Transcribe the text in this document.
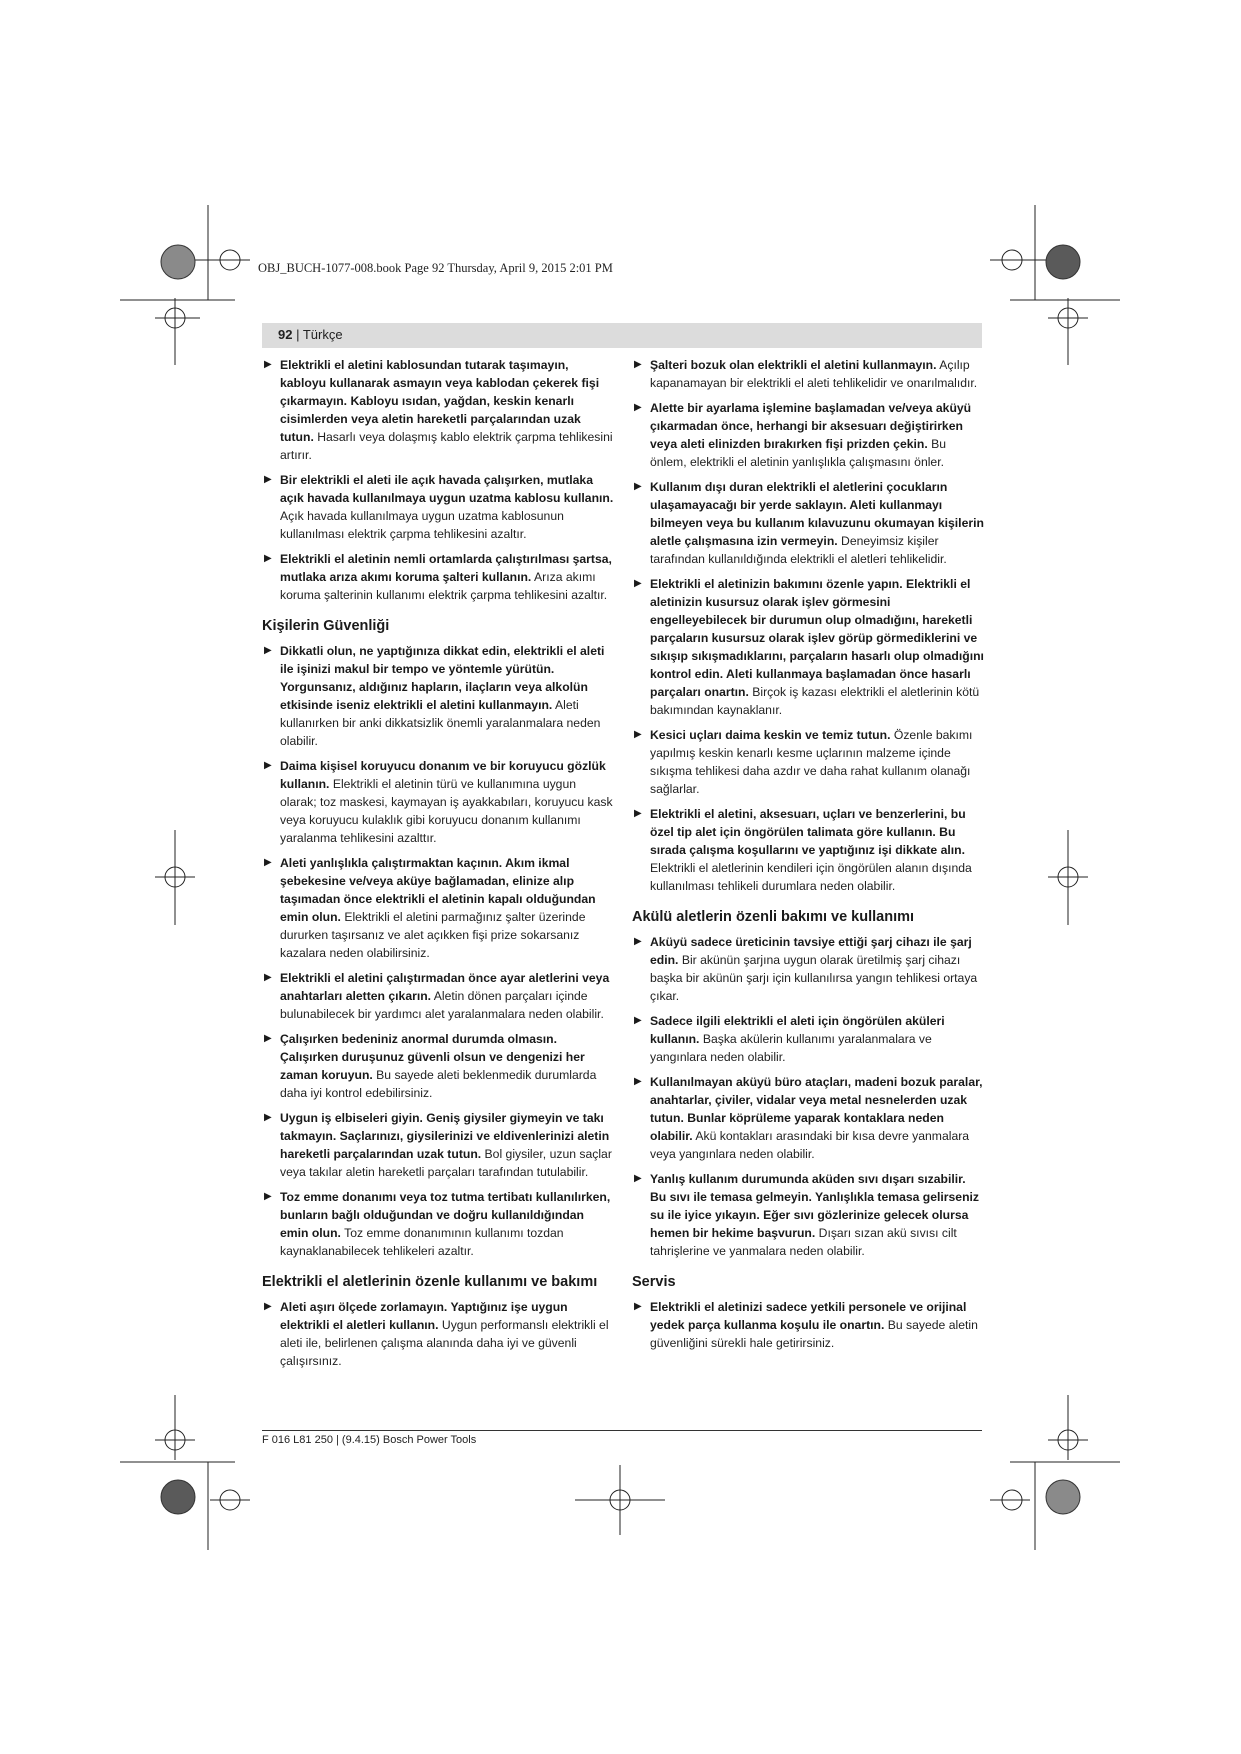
OBJ_BUCH-1077-008.book Page 92 Thursday, April 9, 2015 2:01 PM
92 | Türkçe
▶ Elektrikli el aletini kablosundan tutarak taşımayın, kabloyu kullanarak asmayın veya kablodan çekerek fişi çıkarmayın. Kabloyu ısıdan, yağdan, keskin kenarlı cisimlerden veya aletin hareketli parçalarından uzak tutun. Hasarlı veya dolaşmış kablo elektrik çarpma tehlikesini artırır.
▶ Bir elektrikli el aleti ile açık havada çalışırken, mutlaka açık havada kullanılmaya uygun uzatma kablosu kullanın. Açık havada kullanılmaya uygun uzatma kablosunun kullanılması elektrik çarpma tehlikesini azaltır.
▶ Elektrikli el aletinin nemli ortamlarda çalıştırılması şartsa, mutlaka arıza akımı koruma şalteri kullanın. Arıza akımı koruma şalterinin kullanımı elektrik çarpma tehlikesini azaltır.
Kişilerin Güvenliği
▶ Dikkatli olun, ne yaptığınıza dikkat edin, elektrikli el aleti ile işinizi makul bir tempo ve yöntemle yürütün. Yorgunsanız, aldığınız hapların, ilaçların veya alkolün etkisinde iseniz elektrikli el aletini kullanmayın. Aleti kullanırken bir anki dikkatsizlik önemli yaralanmalara neden olabilir.
▶ Daima kişisel koruyucu donanım ve bir koruyucu gözlük kullanın. Elektrikli el aletinin türü ve kullanımına uygun olarak; toz maskesi, kaymayan iş ayakkabıları, koruyucu kask veya koruyucu kulaklık gibi koruyucu donanım kullanımı yaralanma tehlikesini azalttır.
▶ Aleti yanlışlıkla çalıştırmaktan kaçının. Akım ikmal şebekesine ve/veya aküye bağlamadan, elinize alıp taşımadan önce elektrikli el aletinin kapalı olduğundan emin olun. Elektrikli el aletini parmağınız şalter üzerinde dururken taşırsanız ve alet açıkken fişi prize sokarsanız kazalara neden olabilirsiniz.
▶ Elektrikli el aletini çalıştırmadan önce ayar aletlerini veya anahtarları aletten çıkarın. Aletin dönen parçaları içinde bulunabilecek bir yardımcı alet yaralanmalara neden olabilir.
▶ Çalışırken bedeniniz anormal durumda olmasın. Çalışırken duruşunuz güvenli olsun ve dengenizi her zaman koruyun. Bu sayede aleti beklenmedik durumlarda daha iyi kontrol edebilirsiniz.
▶ Uygun iş elbiseleri giyin. Geniş giysiler giymeyin ve takı takmayın. Saçlarınızı, giysilerinizi ve eldivenlerinizi aletin hareketli parçalarından uzak tutun. Bol giysiler, uzun saçlar veya takılar aletin hareketli parçaları tarafından tutulabilir.
▶ Toz emme donanımı veya toz tutma tertibatı kullanılırken, bunların bağlı olduğundan ve doğru kullanıldığından emin olun. Toz emme donanımının kullanımı tozdan kaynaklanabilecek tehlikeleri azaltır.
Elektrikli el aletlerinin özenle kullanımı ve bakımı
▶ Aleti aşırı ölçede zorlamayın. Yaptığınız işe uygun elektrikli el aletleri kullanın. Uygun performanslı elektrikli el aleti ile, belirlenen çalışma alanında daha iyi ve güvenli çalışırsınız.
▶ Şalteri bozuk olan elektrikli el aletini kullanmayın. Açılıp kapanamayan bir elektrikli el aleti tehlikelidir ve onarılmalıdır.
▶ Alette bir ayarlama işlemine başlamadan ve/veya aküyü çıkarmadan önce, herhangi bir aksesuarı değiştirirken veya aleti elinizden bırakırken fişi prizden çekin. Bu önlem, elektrikli el aletinin yanlışlıkla çalışmasını önler.
▶ Kullanım dışı duran elektrikli el aletlerini çocukların ulaşamayacağı bir yerde saklayın. Aleti kullanmayı bilmeyen veya bu kullanım kılavuzunu okumayan kişilerin aletle çalışmasına izin vermeyin. Deneyimsiz kişiler tarafından kullanıldığında elektrikli el aletleri tehlikelidir.
▶ Elektrikli el aletinizin bakımını özenle yapın. Elektrikli el aletinizin kusursuz olarak işlev görmesini engelleyebilecek bir durumun olup olmadığını, hareketli parçaların kusursuz olarak işlev görüp görmediklerini ve sıkışıp sıkışmadıklarını, parçaların hasarlı olup olmadığını kontrol edin. Aleti kullanmaya başlamadan önce hasarlı parçaları onartın. Birçok iş kazası elektrikli el aletlerinin kötü bakımından kaynaklanır.
▶ Kesici uçları daima keskin ve temiz tutun. Özenle bakımı yapılmış keskin kenarlı kesme uçlarının malzeme içinde sıkışma tehlikesi daha azdır ve daha rahat kullanım olanağı sağlarlar.
▶ Elektrikli el aletini, aksesuarı, uçları ve benzerlerini, bu özel tip alet için öngörülen talimata göre kullanın. Bu sırada çalışma koşullarını ve yaptığınız işi dikkate alın. Elektrikli el aletlerinin kendileri için öngörülen alanın dışında kullanılması tehlikeli durumlara neden olabilir.
Akülü aletlerin özenli bakımı ve kullanımı
▶ Aküyü sadece üreticinin tavsiye ettiği şarj cihazı ile şarj edin. Bir akünün şarjına uygun olarak üretilmiş şarj cihazı başka bir akünün şarjı için kullanılırsa yangın tehlikesi ortaya çıkar.
▶ Sadece ilgili elektrikli el aleti için öngörülen aküleri kullanın. Başka akülerin kullanımı yaralanmalara ve yangınlara neden olabilir.
▶ Kullanılmayan aküyü büro ataçları, madeni bozuk paralar, anahtarlar, çiviler, vidalar veya metal nesnelerden uzak tutun. Bunlar köprüleme yaparak kontaklara neden olabilir. Akü kontakları arasındaki bir kısa devre yanmalara veya yangınlara neden olabilir.
▶ Yanlış kullanım durumunda aküden sıvı dışarı sızabilir. Bu sıvı ile temasa gelmeyin. Yanlışlıkla temasa gelirseniz su ile iyice yıkayın. Eğer sıvı gözlerinize gelecek olursa hemen bir hekime başvurun. Dışarı sızan akü sıvısı cilt tahrişlerine ve yanmalara neden olabilir.
Servis
▶ Elektrikli el aletinizi sadece yetkili personele ve orijinal yedek parça kullanma koşulu ile onartın. Bu sayede aletin güvenliğini sürekli hale getirirsiniz.
F 016 L81 250 | (9.4.15) Bosch Power Tools
